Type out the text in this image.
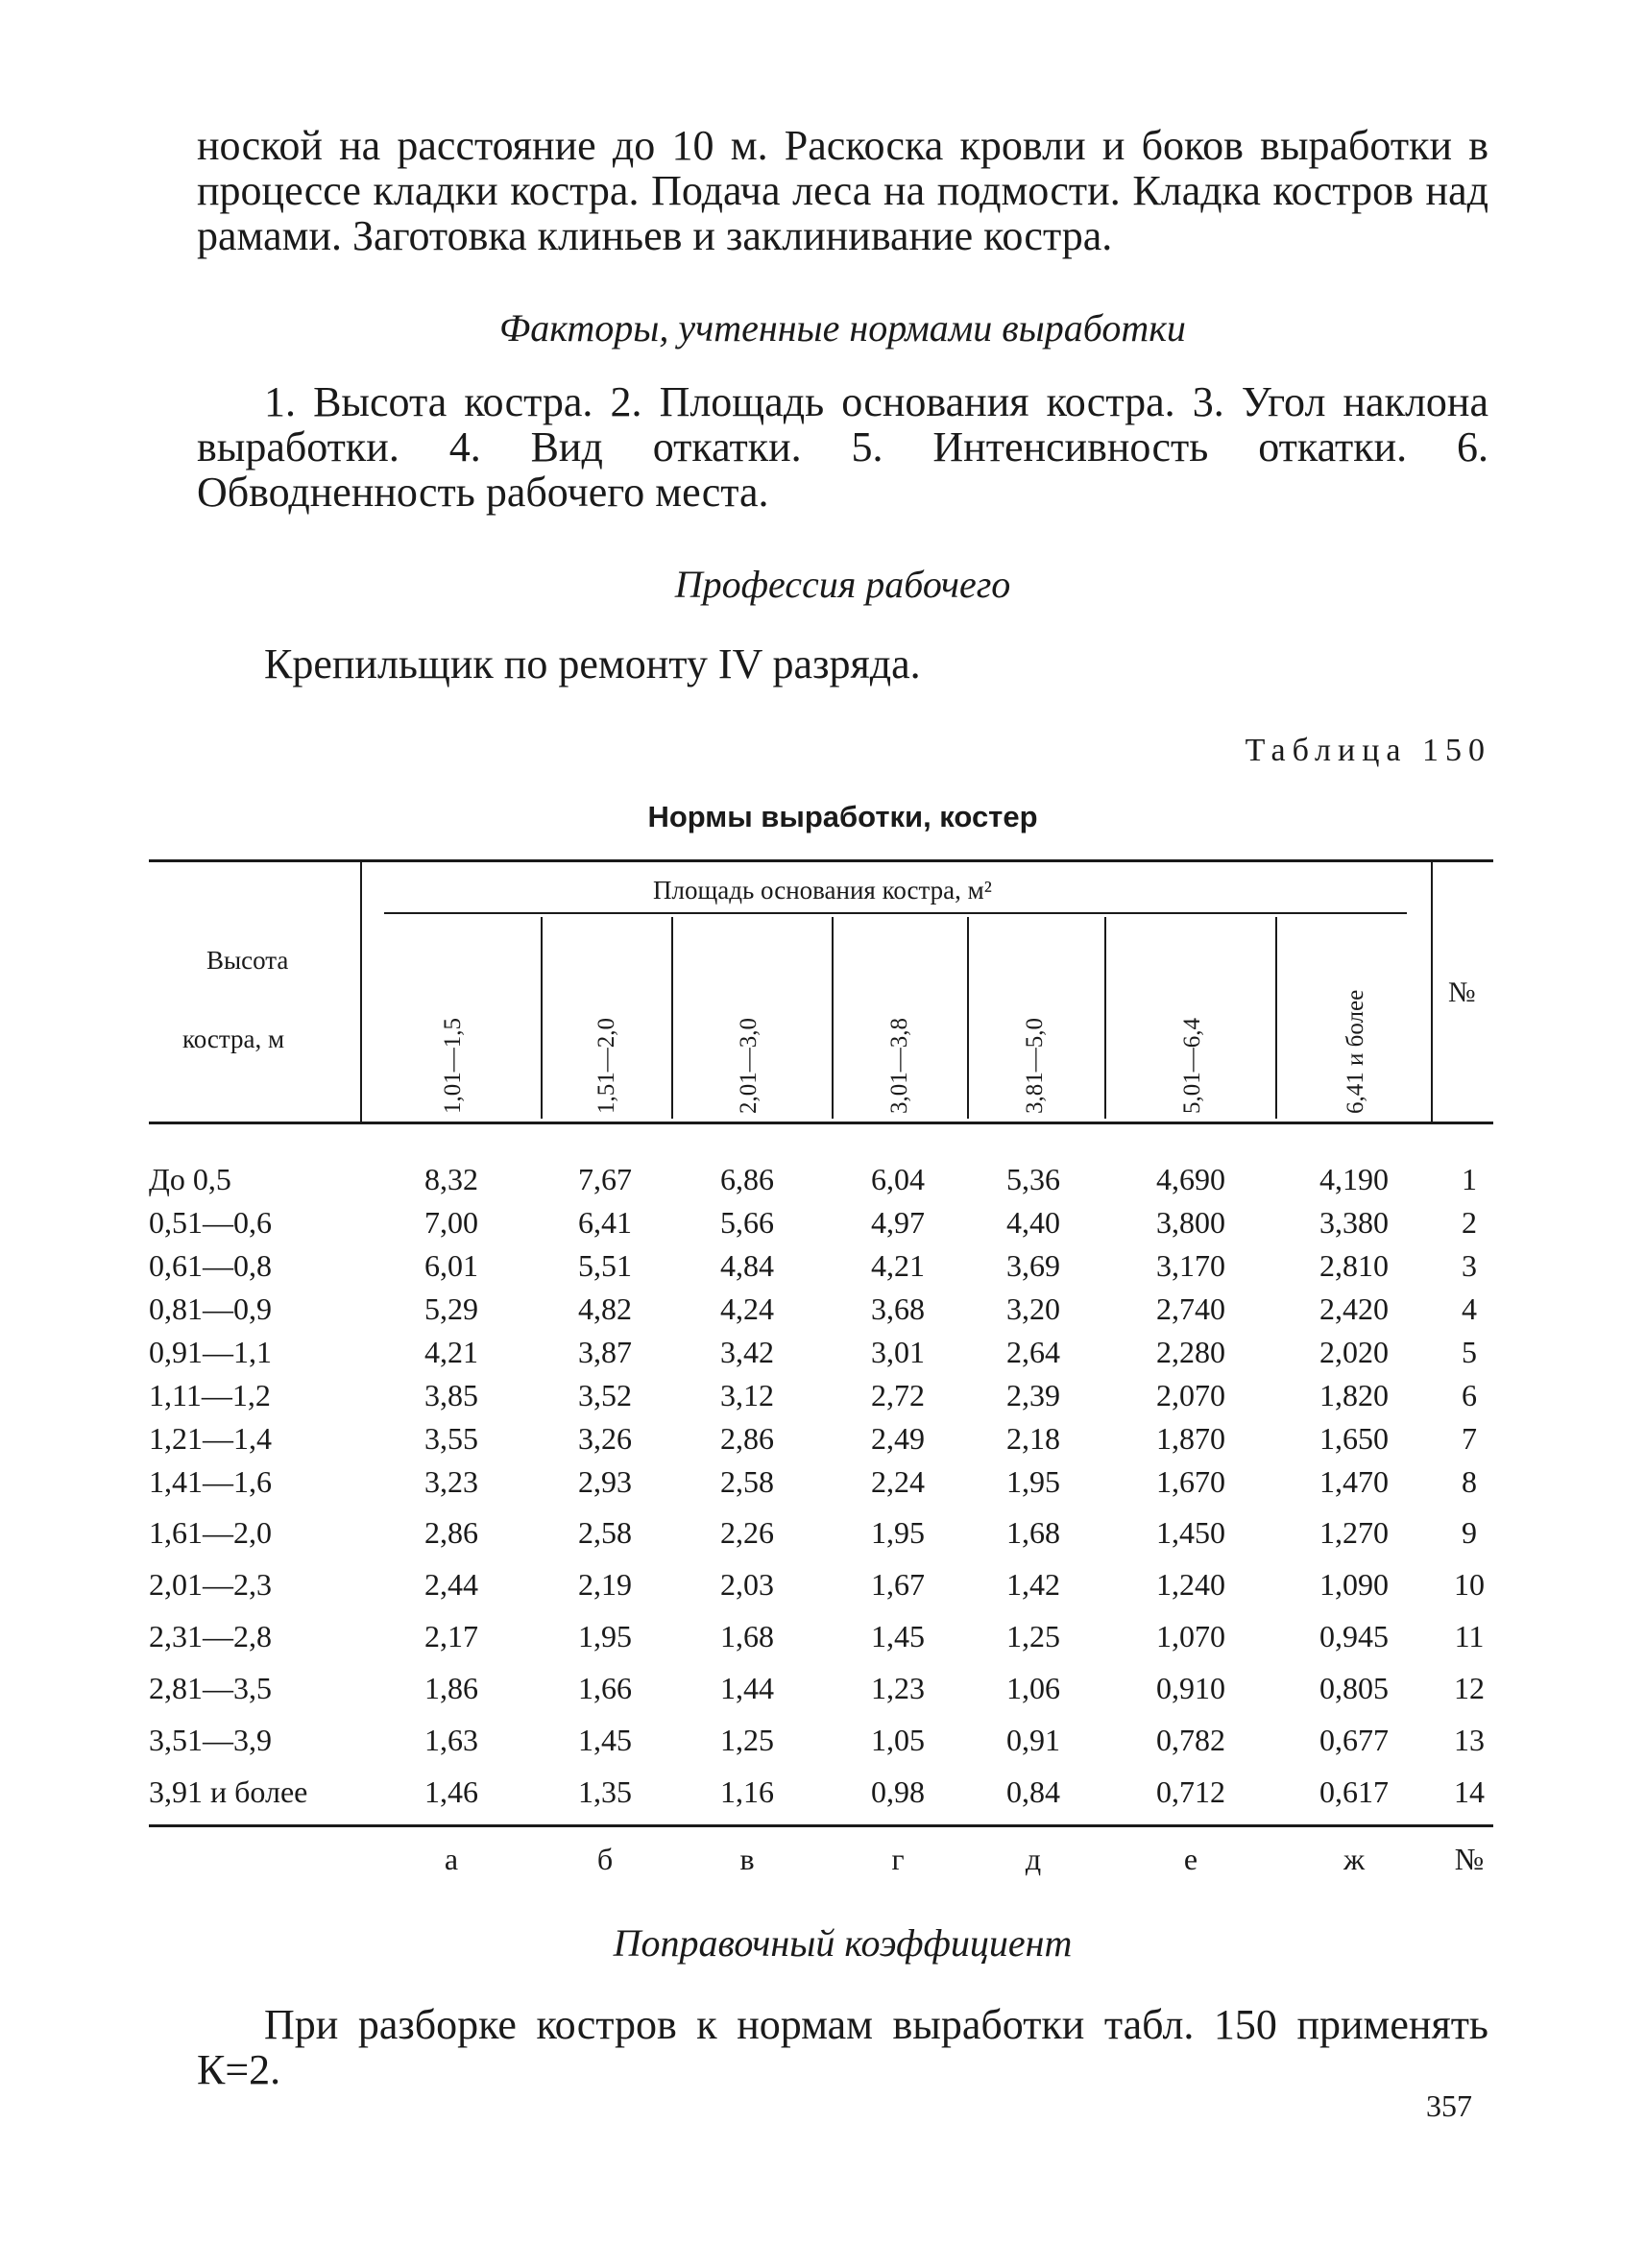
ноской на расстояние до 10 м. Раскоска кровли и боков выработки в процессе кладки костра. Подача леса на подмости. Кладка костров над рамами. Заготовка клиньев и заклинивание костра.
Факторы, учтенные нормами выработки
1. Высота костра. 2. Площадь основания костра. 3. Угол наклона выработки. 4. Вид откатки. 5. Интенсивность откатки. 6. Обводненность рабочего места.
Профессия рабочего
Крепильщик по ремонту IV разряда.
Таблица 150
Нормы выработки, костер
Высота
костра, м
Площадь основания костра, м²
№
1,01—1,5	1,51—2,0	2,01—3,0	3,01—3,8	3,81—5,0	5,01—6,4	6,41 и более
До 0,5	8,32	7,67	6,86	6,04	5,36	4,690	4,190	1
0,51—0,6	7,00	6,41	5,66	4,97	4,40	3,800	3,380	2
0,61—0,8	6,01	5,51	4,84	4,21	3,69	3,170	2,810	3
0,81—0,9	5,29	4,82	4,24	3,68	3,20	2,740	2,420	4
0,91—1,1	4,21	3,87	3,42	3,01	2,64	2,280	2,020	5
1,11—1,2	3,85	3,52	3,12	2,72	2,39	2,070	1,820	6
1,21—1,4	3,55	3,26	2,86	2,49	2,18	1,870	1,650	7
1,41—1,6	3,23	2,93	2,58	2,24	1,95	1,670	1,470	8
1,61—2,0	2,86	2,58	2,26	1,95	1,68	1,450	1,270	9
2,01—2,3	2,44	2,19	2,03	1,67	1,42	1,240	1,090	10
2,31—2,8	2,17	1,95	1,68	1,45	1,25	1,070	0,945	11
2,81—3,5	1,86	1,66	1,44	1,23	1,06	0,910	0,805	12
3,51—3,9	1,63	1,45	1,25	1,05	0,91	0,782	0,677	13
3,91 и более	1,46	1,35	1,16	0,98	0,84	0,712	0,617	14
а	б	в	г	д	е	ж	№
Поправочный коэффициент
При разборке костров к нормам выработки табл. 150 применять К=2.
357
